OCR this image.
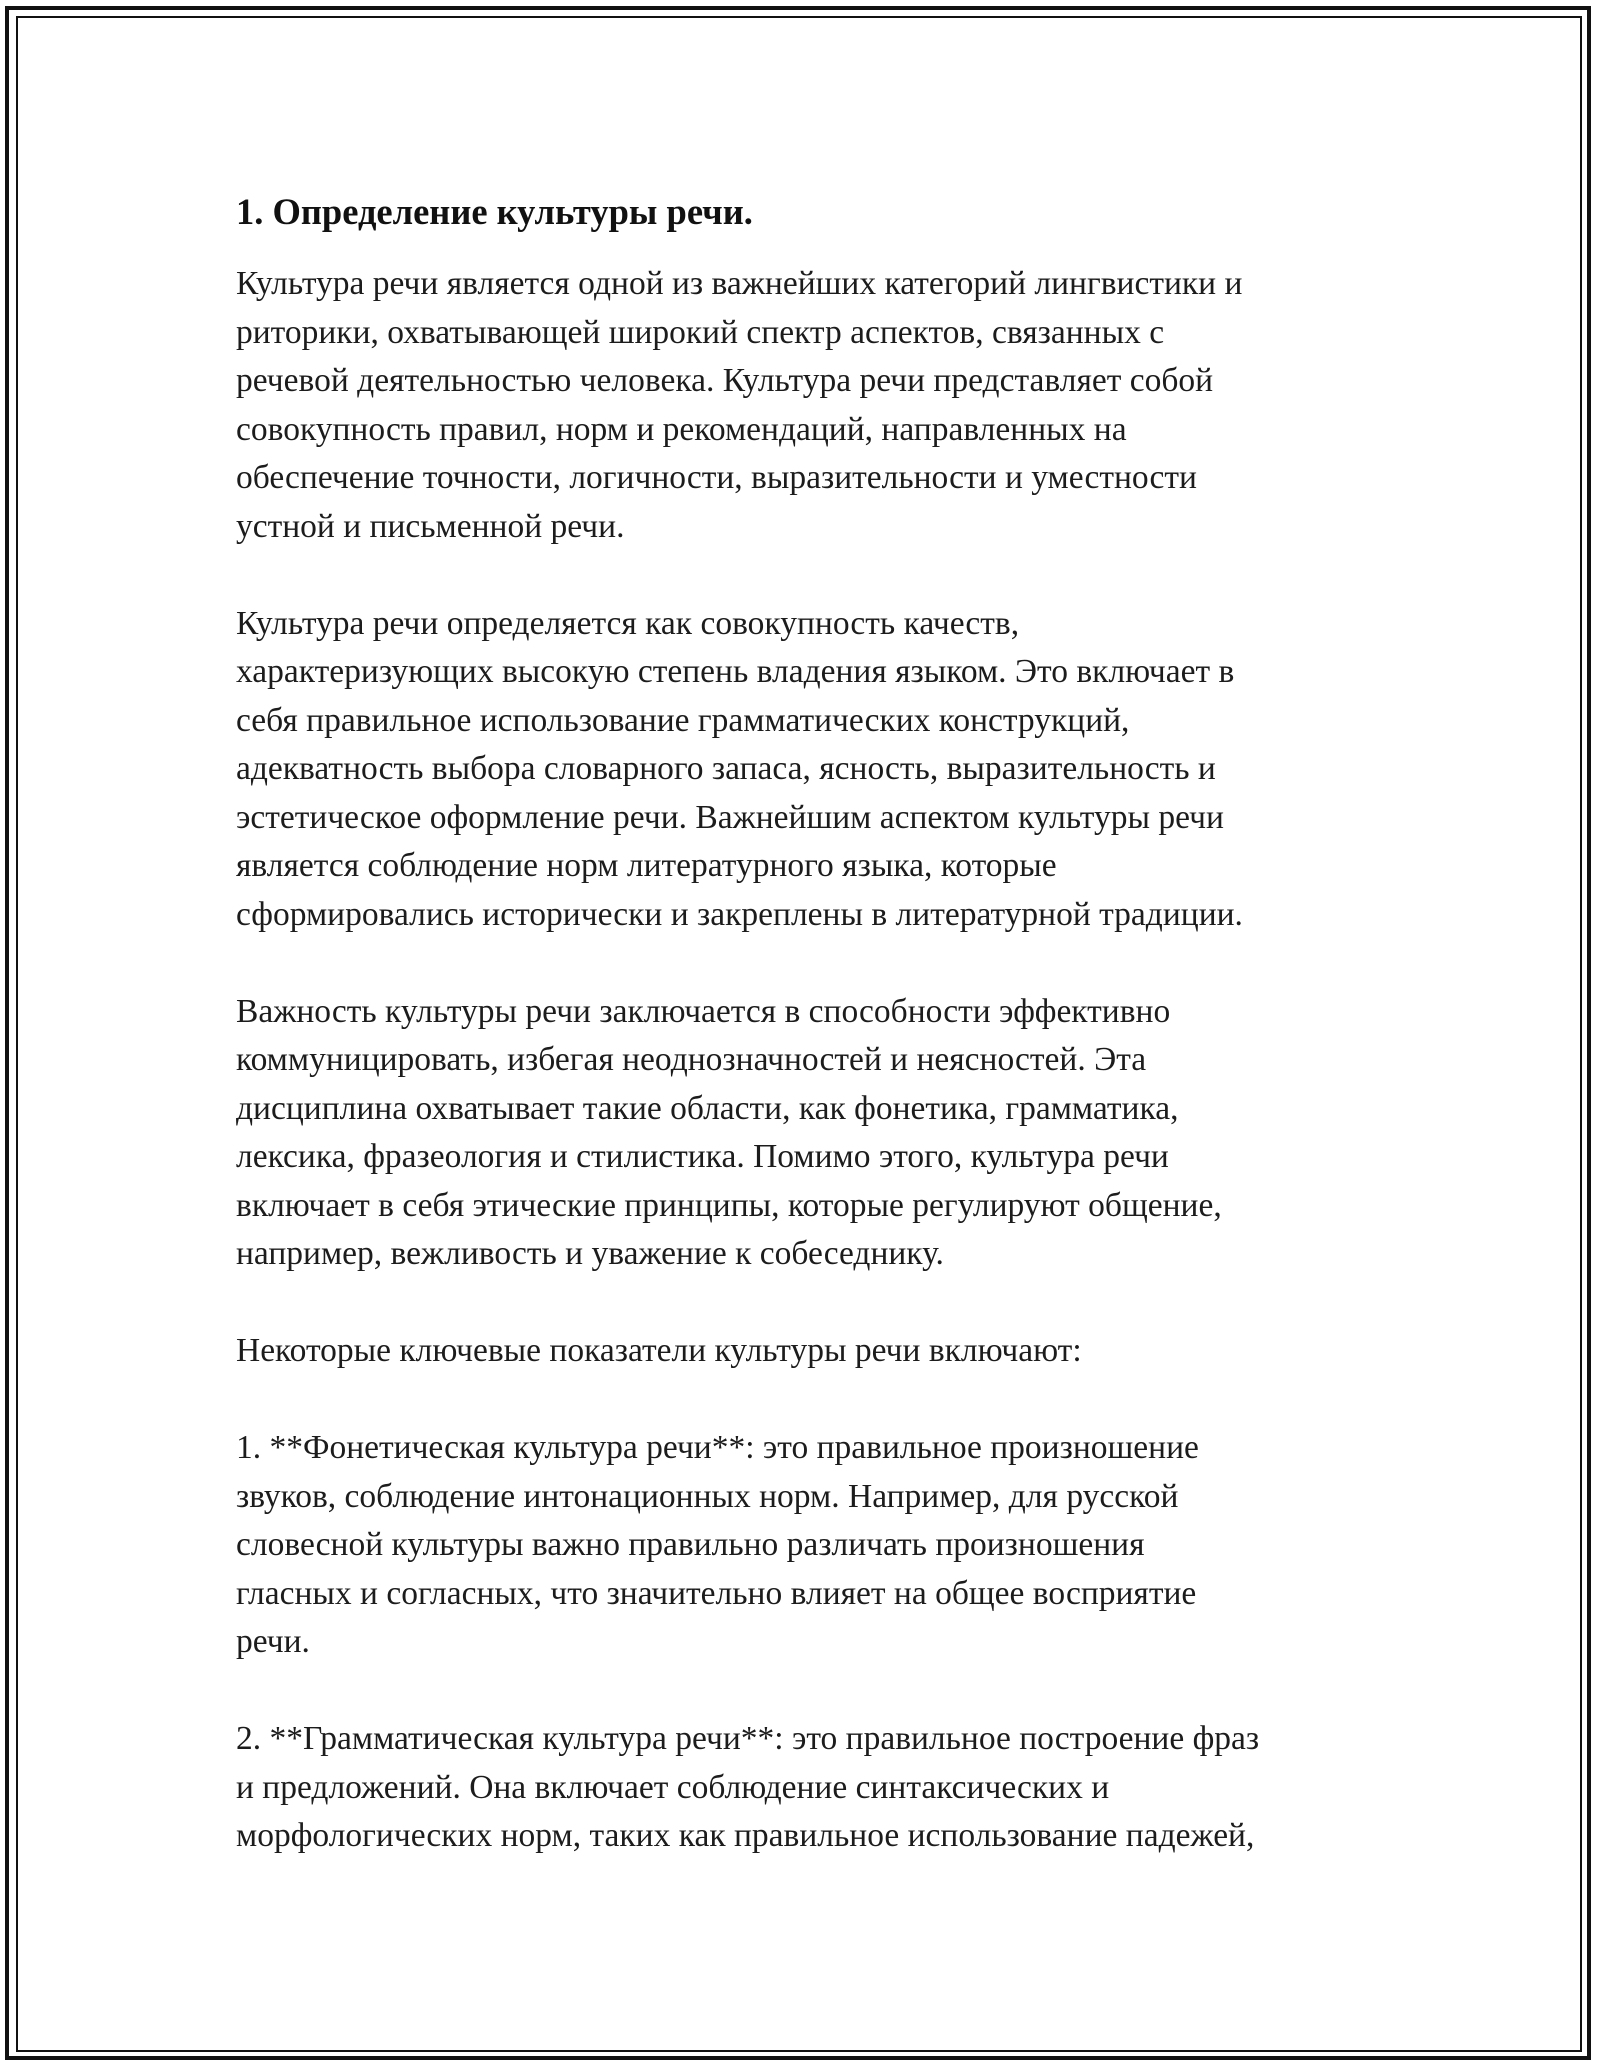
1. Определение культуры речи.

Культура речи является одной из важнейших категорий лингвистики и
риторики, охватывающей широкий спектр аспектов, связанных с
речевой деятельностью человека. Культура речи представляет собой
совокупность правил, норм и рекомендаций, направленных на
обеспечение точности, логичности, выразительности и уместности
устной и письменной речи.

Культура речи определяется как совокупность качеств,
характеризующих высокую степень владения языком. Это включает в
себя правильное использование грамматических конструкций,
адекватность выбора словарного запаса, ясность, выразительность и
эстетическое оформление речи. Важнейшим аспектом культуры речи
является соблюдение норм литературного языка, которые
сформировались исторически и закреплены в литературной традиции.

Важность культуры речи заключается в способности эффективно
коммуницировать, избегая неоднозначностей и неясностей. Эта
дисциплина охватывает такие области, как фонетика, грамматика,
лексика, фразеология и стилистика. Помимо этого, культура речи
включает в себя этические принципы, которые регулируют общение,
например, вежливость и уважение к собеседнику.

Некоторые ключевые показатели культуры речи включают:

1. **Фонетическая культура речи**: это правильное произношение
звуков, соблюдение интонационных норм. Например, для русской
словесной культуры важно правильно различать произношения
гласных и согласных, что значительно влияет на общее восприятие
речи.

2. **Грамматическая культура речи**: это правильное построение фраз
и предложений. Она включает соблюдение синтаксических и
морфологических норм, таких как правильное использование падежей,
